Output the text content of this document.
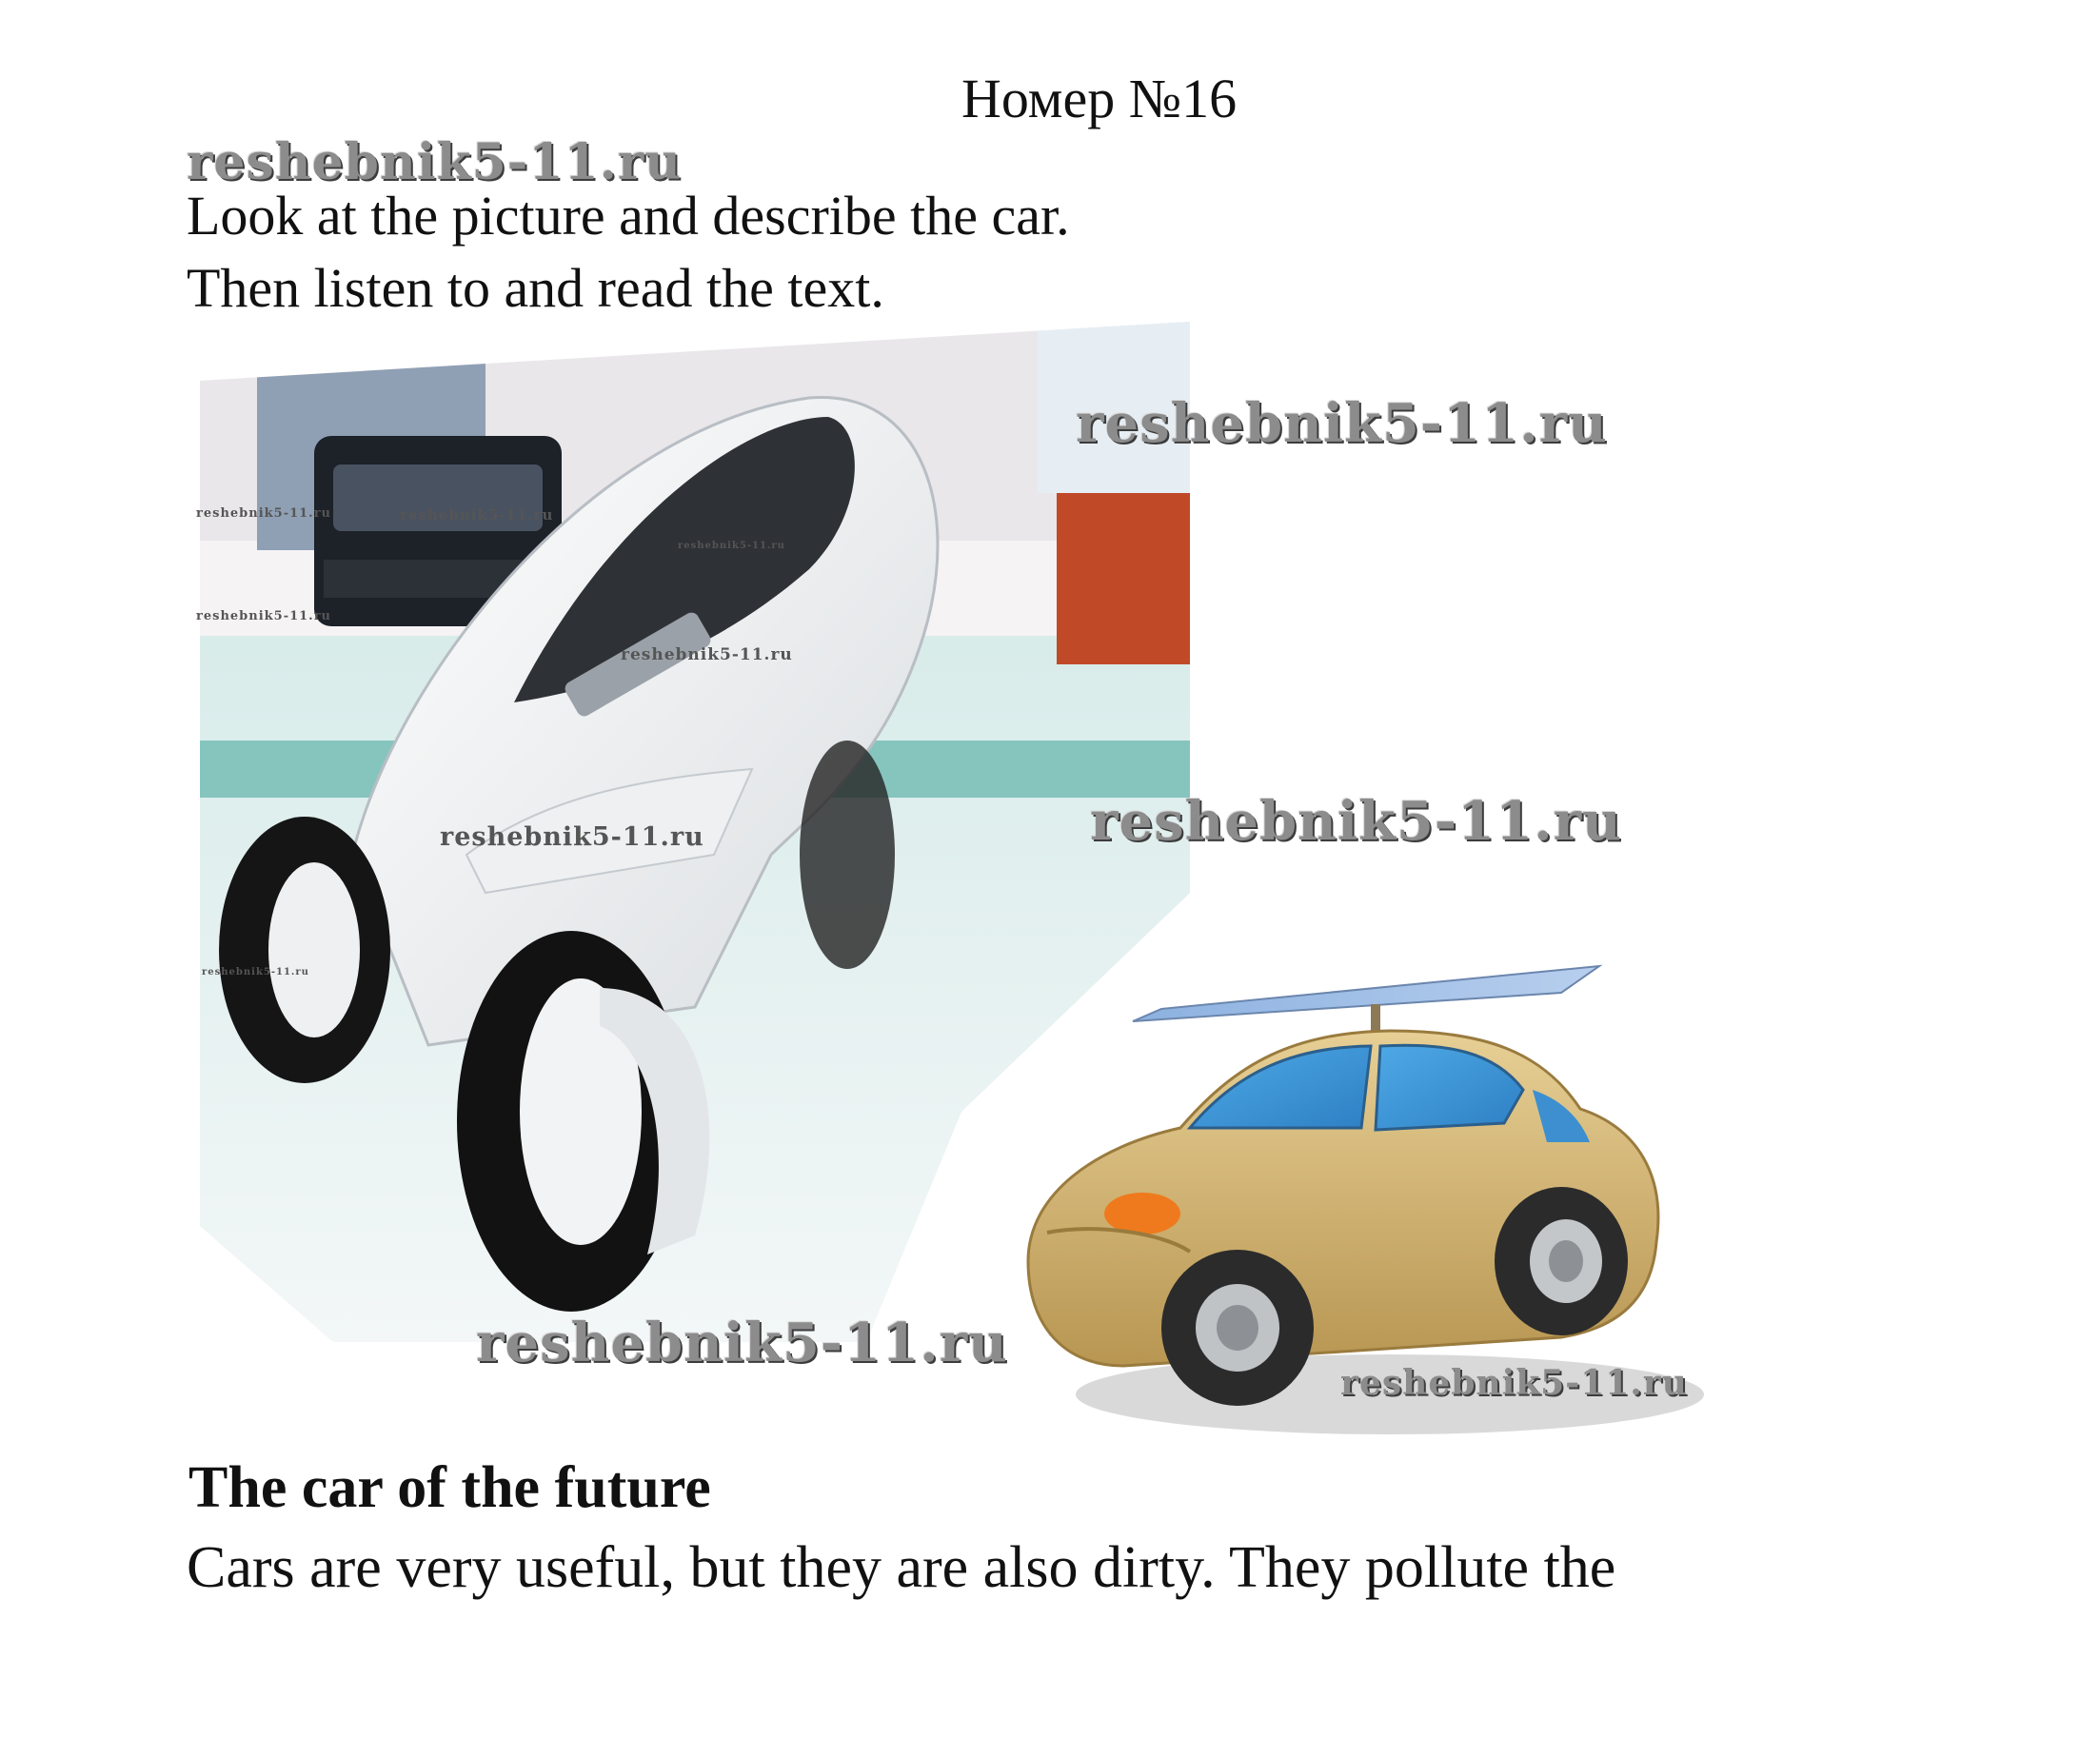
Номер №16
reshebnik5-11.ru
Look at the picture and describe the car.
Then listen to and read the text.
reshebnik5-11.ru
reshebnik5-11.ru
reshebnik5-11.ru
reshebnik5-11.ru
reshebnik5-11.ru	reshebnik5-11.ru
reshebnik5-11.ru
reshebnik5-11.ru
reshebnik5-11.ru
reshebnik5-11.ru
reshebnik5-11.ru
The car of the future
Cars are very useful, but they are also dirty. They pollute the
